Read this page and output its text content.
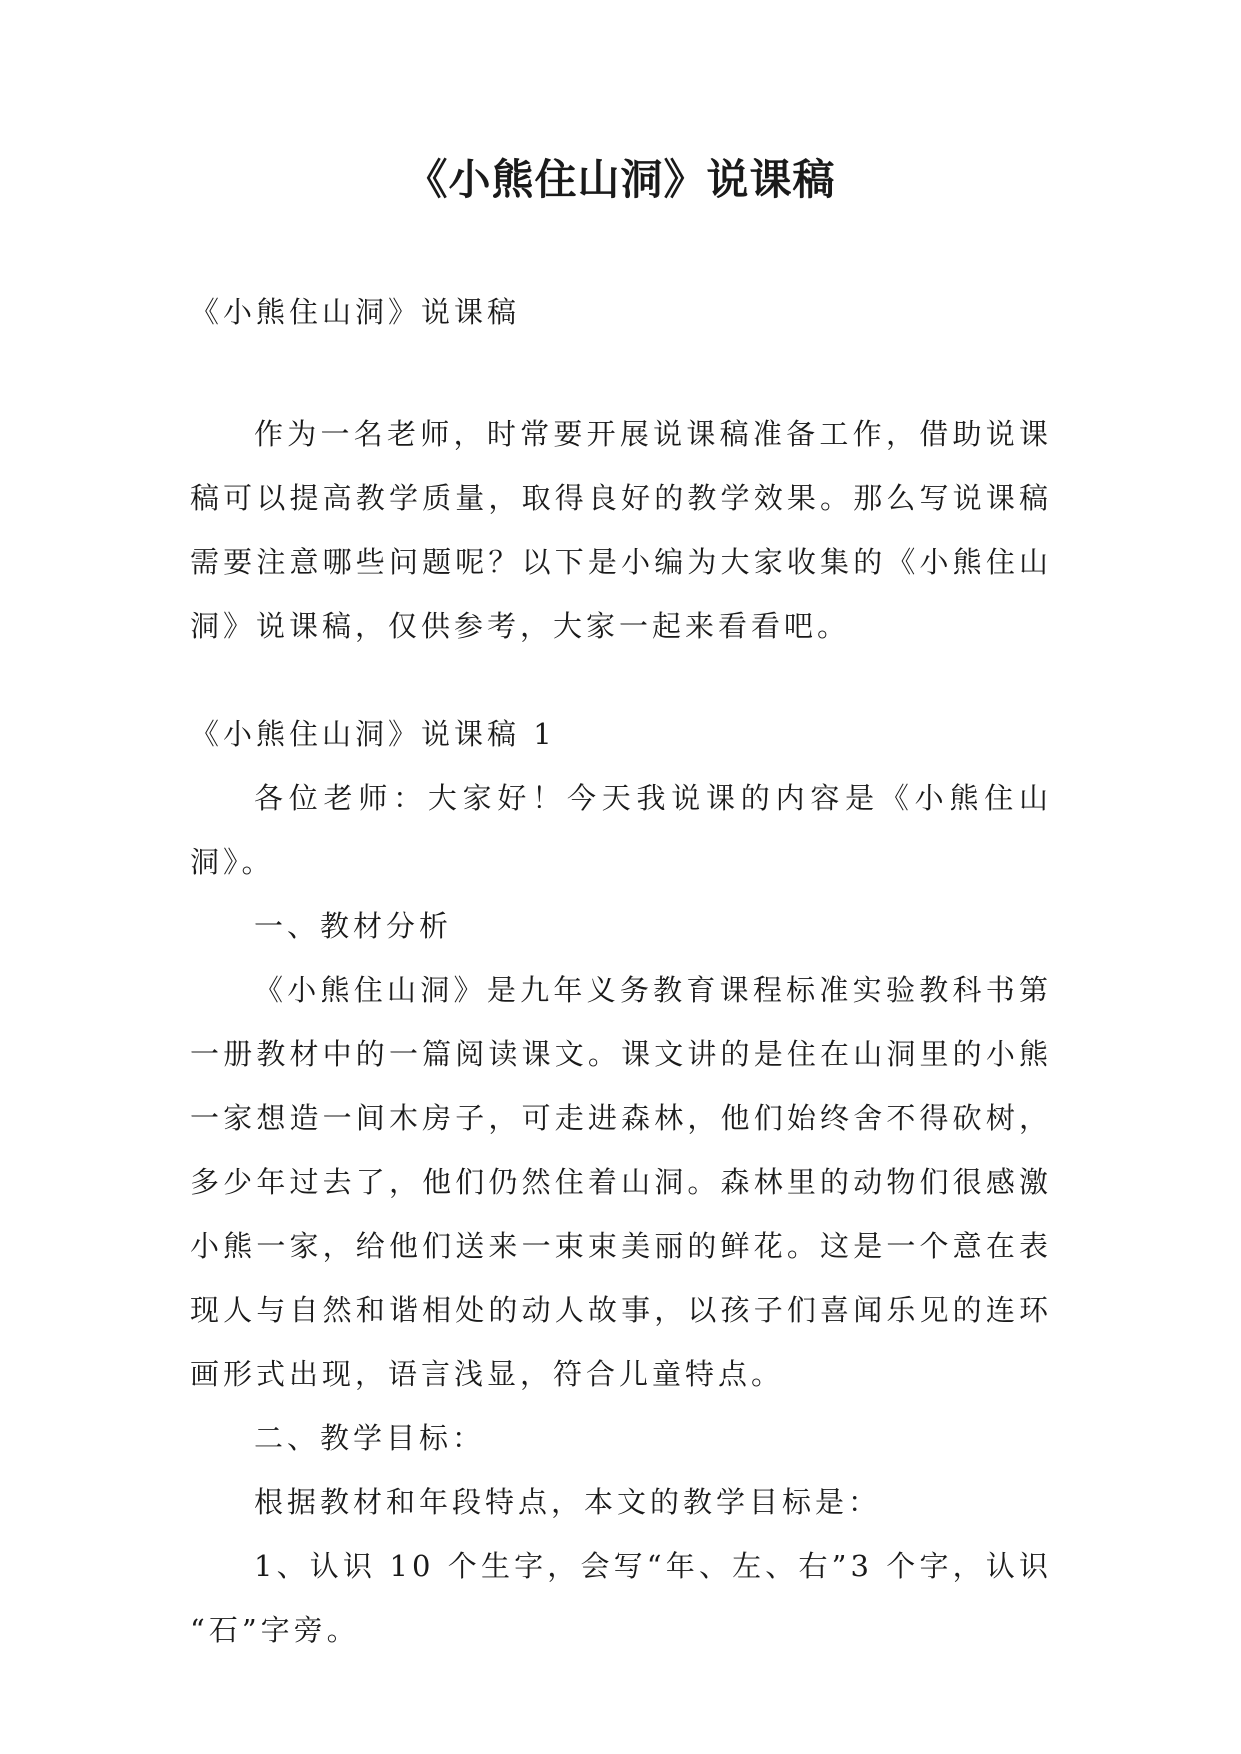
《小熊住山洞》说课稿
《小熊住山洞》说课稿
作为一名老师，时常要开展说课稿准备工作，借助说课
稿可以提高教学质量，取得良好的教学效果。那么写说课稿
需要注意哪些问题呢？以下是小编为大家收集的《小熊住山
洞》说课稿，仅供参考，大家一起来看看吧。
《小熊住山洞》说课稿 1
各位老师：大家好！今天我说课的内容是《小熊住山
洞》。
一、教材分析
《小熊住山洞》是九年义务教育课程标准实验教科书第
一册教材中的一篇阅读课文。课文讲的是住在山洞里的小熊
一家想造一间木房子，可走进森林，他们始终舍不得砍树，
多少年过去了，他们仍然住着山洞。森林里的动物们很感激
小熊一家，给他们送来一束束美丽的鲜花。这是一个意在表
现人与自然和谐相处的动人故事，以孩子们喜闻乐见的连环
画形式出现，语言浅显，符合儿童特点。
二、教学目标：
根据教材和年段特点，本文的教学目标是：
1、认识 10 个生字，会写“年、左、右”3 个字，认识
“石”字旁。
